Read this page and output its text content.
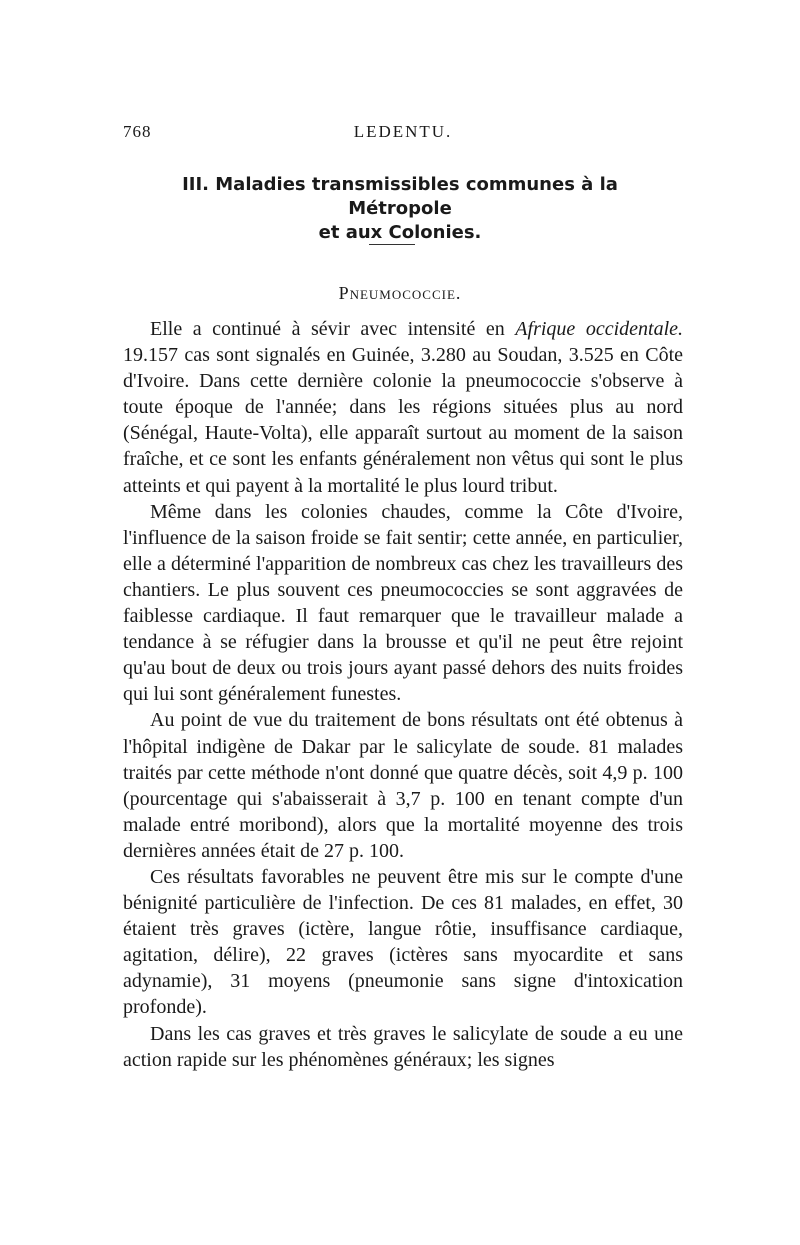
768	LEDENTU.
III. Maladies transmissibles communes à la Métropole
et aux Colonies.
Pneumococcie.

Elle a continué à sévir avec intensité en Afrique occidentale. 19.157 cas sont signalés en Guinée, 3.280 au Soudan, 3.525 en Côte d'Ivoire. Dans cette dernière colonie la pneumococcie s'observe à toute époque de l'année; dans les régions situées plus au nord (Sénégal, Haute-Volta), elle apparaît surtout au moment de la saison fraîche, et ce sont les enfants généralement non vêtus qui sont le plus atteints et qui payent à la mortalité le plus lourd tribut.

Même dans les colonies chaudes, comme la Côte d'Ivoire, l'influence de la saison froide se fait sentir; cette année, en particulier, elle a déterminé l'apparition de nombreux cas chez les travailleurs des chantiers. Le plus souvent ces pneumococcies se sont aggravées de faiblesse cardiaque. Il faut remarquer que le travailleur malade a tendance à se réfugier dans la brousse et qu'il ne peut être rejoint qu'au bout de deux ou trois jours ayant passé dehors des nuits froides qui lui sont généralement funestes.

Au point de vue du traitement de bons résultats ont été obtenus à l'hôpital indigène de Dakar par le salicylate de soude. 81 malades traités par cette méthode n'ont donné que quatre décès, soit 4,9 p. 100 (pourcentage qui s'abaisserait à 3,7 p. 100 en tenant compte d'un malade entré moribond), alors que la mortalité moyenne des trois dernières années était de 27 p. 100.

Ces résultats favorables ne peuvent être mis sur le compte d'une bénignité particulière de l'infection. De ces 81 malades, en effet, 30 étaient très graves (ictère, langue rôtie, insuffisance cardiaque, agitation, délire), 22 graves (ictères sans myocardite et sans adynamie), 31 moyens (pneumonie sans signe d'intoxication profonde).

Dans les cas graves et très graves le salicylate de soude a eu une action rapide sur les phénomènes généraux; les signes
